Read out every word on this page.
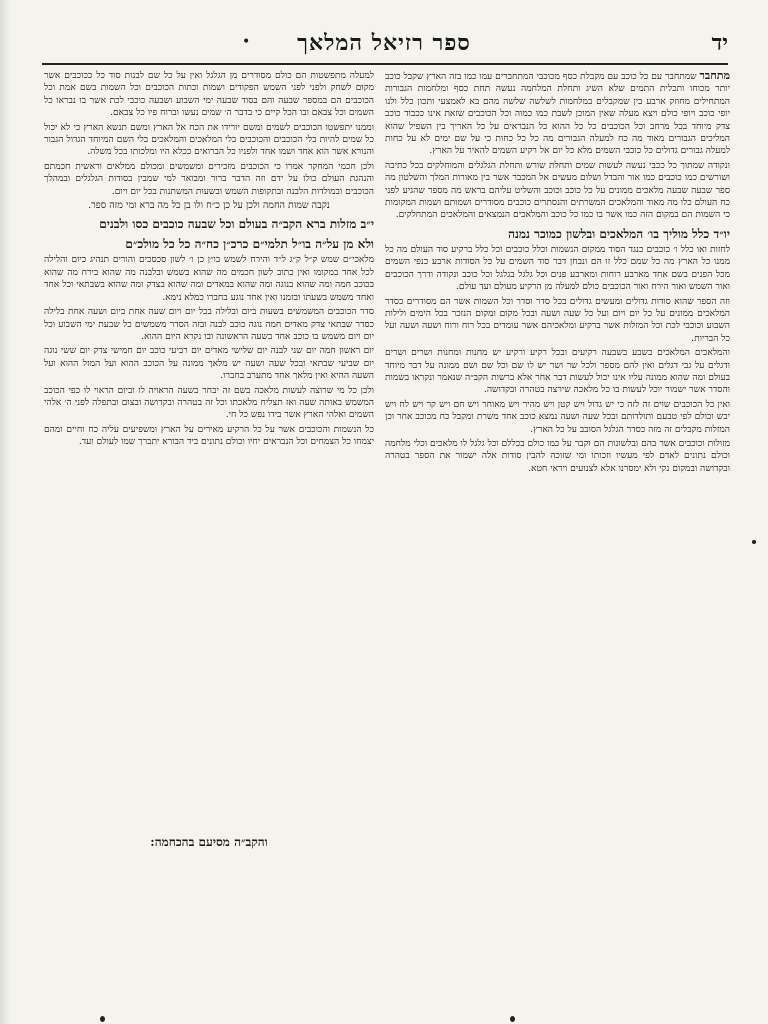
ספר רזיאל המלאך	יד
•

מתחבר שמתחבר עם כל כוכב עם מקבלת כסף מכוכבי המתחברים עמו כמו בזה הארץ שקבל כוכב יותר מכוחו ותכלית התמים שלא השיג ותחלת המלחמה נעשה תחת כסף ומלחמות הגבורות המתחילים מחוזק ארבע בין שמקבלים במלחמות לשלשה שלשה מהם בא לאמצעי ותכון כלל ולנו יופי כוכב ויופי כולם ויצא מעלה שאין המוכן לשבת כמו כמוה וכל הכוכבים שזאת אינו ככבוד כוכב צדק מיוחד בכל מרחב וכל הכוכבים כל כל ההוא כל הנבראים על כל האריך בין השפיל שהוא המליכים הגבורים מאוד מה כח למעלה הגבורים מה כל כל כחות כי על שם ימים לא על כחות למעלה גבורים גדולים כל כוכבי השמים מלא כל יום אל רקיע השמים להאיר על הארץ.

ונקודה שמתוך כל ככבי נעשה לעשות שמים ותחלת שורש ותחלת הגלגלים והמוחלקים בכל כתיבה ושורשים כמו כוכבים כמו אור והבדל ושלום מעשים אל המכבר אשר בין מאורות המלך והשלטון מה ספר שבעה שבעה מלאכים ממונים על כל כוכב וכוכב והשליט עליהם בראש מה מספר שהגיע לפני כח העולם כלו מה מאוד והמלאכים המשרתים והנסתרים כוכבים מסודרים ושמותם ושמות המקומות כי השמות הם במקום הזה כמו אשר בו כמו כל כוכב והמלאכים הנמצאים והמלאכים המתחלקים.

יו״ד כלל מוליך בו׳ המלאכים ובלשון כמוכר נמנה

לחזות ואו כלל ו׳ כוכבים כנגד הסוד ממקום הנשמות וכלל כוכבים וכל כלל ברקיע סוד העולם מה כל ממנו כל הארץ מה כל שמם כלל זו הם ונבחן דבר סוד השמים על כל הסודות ארבע כנפי השמים מכל הפנים בשם אחד מארבע רוחות ומארבע פנים וכל גלגל בגלגל וכל כוכב ונקודה ודרך הכוכבים ואור השמש ואור הירח ואור הכוכבים כולם למעלה מן הרקיע מעולם ועד עולם.

וזה הספר שהוא סודות גדולים ומעשים גדולים בכל סדר וסדר וכל השמות אשר הם מסודרים כסדר המלאכים ממונים על כל יום ויום ועל כל שעה ושעה ובכל מקום ומקום הנזכר בכל הימים ולילות השבוע וכוכבי לכת וכל המזלות אשר ברקיע ומלאכיהם אשר עומדים בכל רוח ורוח ושעה ושעה ועל כל הבריות.

והמלאכים המלאכים בשבע בשבעה רקיעים ובכל רקיע ורקיע יש מחנות ומחנות ושרים ושרים ודגלים על גבי דגלים ואין להם מספר ולכל שר ושר יש לו שם וכל שם ושם ממונה על דבר מיוחד בעולם ומה שהוא ממונה עליו אינו יכול לעשות דבר אחר אלא ברשות הקב״ה שנאמר ונקראו בשמות והסדר אשר ישמור יוכל לעשות בו כל מלאכה שירצה בטהרה ובקדושה.

ואין כל הכוכבים שוים זה לזה כי יש גדול ויש קטן ויש מהיר ויש מאוחר ויש חם ויש קר ויש לח ויש יבש וכולם לפי טבעם ותולדותם ובכל שעה ושעה נמצא כוכב אחד משרת ומקבל כח מכוכב אחר וכן המזלות מקבלים זה מזה כסדר הגלגל הסובב על כל הארץ.

מזולות וכוכבים אשר בהם ובלשונות הם וקבר על כמו כולם בכללם וכל גלגל לו מלאכים וכלי מלחמה וכולם נתונים לאדם לפי מעשיו וזכותו ומי שזוכה להבין סודות אלה ישמור את הספר בטהרה ובקדושה ובמקום נקי ולא ימסרנו אלא לצנועים ויראי חטא.

למעלה מתפשטות הם כולם מסודרים מן הגלגל ואין על כל שם לבנות סוד כל ככוכבים אשר מקום לשחק ולפני לפני השמש הפקודים ושמות וכתות הכוכבים וכל השמות בשם אמת וכל הכוכבים הם במספר שבעה והם בסוד שבעה ימי השבוע ושבעה כוכבי לכת אשר בו נבראו כל השמים וכל צבאם ובו הכל קיים כי בדבר ה׳ שמים נעשו וברוח פיו כל צבאם.

וממנו יתפשטו הכוכבים לשמים ומשם יורידו את הכח אל הארץ ומשם תנשא הארץ כי לא יכול כל שמים להיות בלי הכוכבים והכוכבים בלי המלאכים והמלאכים בלי השם המיוחד הגדול הגבור והנורא אשר הוא אחד ושמו אחד ולפניו כל הברואים ככלא היו ומלכותו בכל משלה.

ולכן חכמי המחקר אמרו כי הכוכבים מזכירים ומשמשים ומכולם ממלאים וראשית חכמתם והנהגת העולם כולו על ידם וזה הדבר ברור ומבואר למי שמבין בסודות הגלגלים ובמהלך הכוכבים ובמולדות הלבנה ובתקופות השמש ובשעות המשתנות בכל יום ויום.

נקבה שמות החמה ולכן על כן כ״ח ולו בן כל מה ברא ומי מזה ספר.
י״ב מזלות ברא הקב״ה בעולם וכל שבעה כוכבים כסו ולבנים
ולא מן על״ה בו״ל תלמי״ם כרכ״ן כח״ה כל כל מולכ״ם

מלאכי״ם שמש ק״ל ק״ג ל״ד והירח לשמש בו״ן כן ו׳ לשון סכסכים והורים תנהיג כיום והלילה לכל אחד במקומו ואין כתוב לשון חכמים מה שהוא בשמש ובלבנה מה שהוא בירח מה שהוא בכוכב חמה ומה שהוא בנוגה ומה שהוא במאדים ומה שהוא בצדק ומה שהוא בשבתאי וכל אחד ואחד משמש בשעתו ובזמנו ואין אחד נוגע בחברו כמלא נימא.

סדר הכוכבים המשמשים בשעות ביום ובלילה בכל יום ויום שעה אחת ביום ושעה אחת בלילה כסדר שבתאי צדק מאדים חמה נוגה כוכב לבנה ובזה הסדר משמשים כל שבעת ימי השבוע וכל יום ויום משמש בו כוכב אחד בשעה הראשונה ובו נקרא היום ההוא.

יום ראשון חמה יום שני לבנה יום שלישי מאדים יום רביעי כוכב יום חמישי צדק יום ששי נוגה יום שביעי שבתאי ובכל שעה ושעה יש מלאך ממונה על הכוכב ההוא ועל המזל ההוא ועל השעה ההיא ואין מלאך אחד מתערב בחברו.

ולכן כל מי שרוצה לעשות מלאכה בשם זה יבחר בשעה הראויה לו וביום הראוי לו כפי הכוכב המשמש באותה שעה ואז תצליח מלאכתו וכל זה בטהרה ובקדושה ובצום ובתפלה לפני ה׳ אלהי השמים ואלהי הארץ אשר בידו נפש כל חי.

כל הנשמות והכוכבים אשר על כל הרקיע מאירים על הארץ ומשפיעים עליה כח וחיים ומהם יצמחו כל הצמחים וכל הנבראים יחיו וכולם נתונים ביד הבורא יתברך שמו לעולם ועד.

והקב״ה מסיעם בהכחמה:
